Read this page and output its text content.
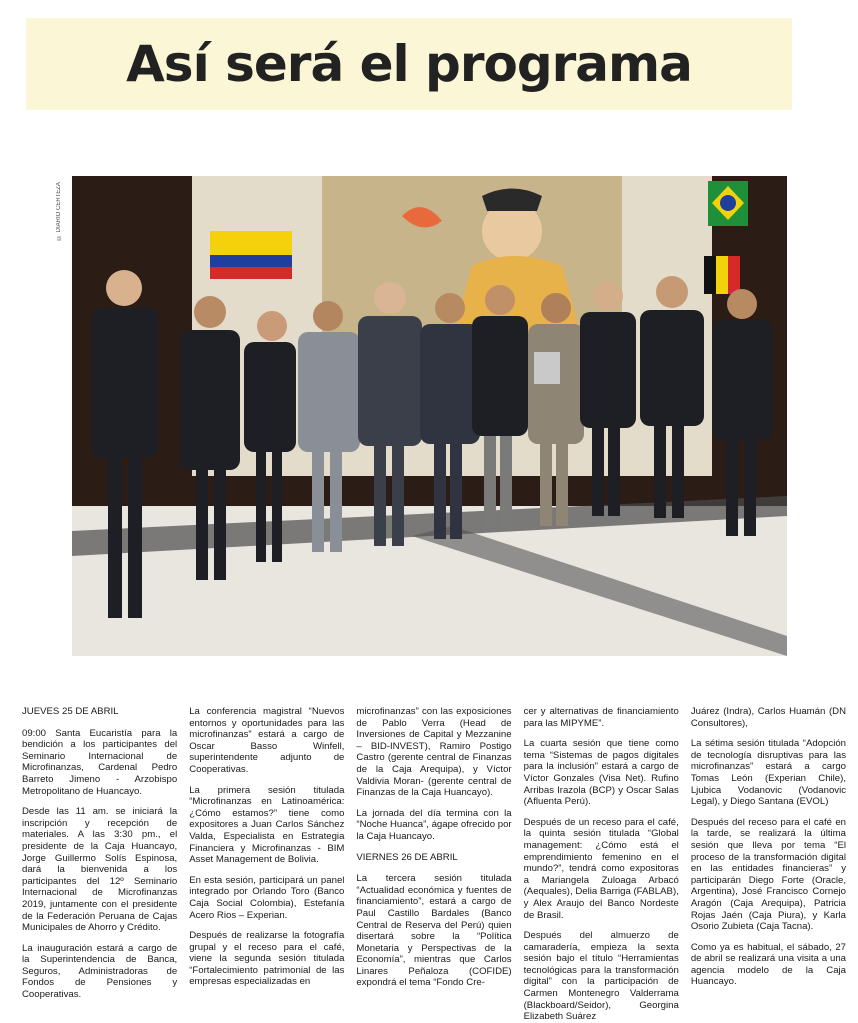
Así será el programa
© DIARIO CERTEZA
JUEVES 25 DE ABRIL

09:00 Santa Eucaristía para la bendición a los participantes del Seminario Internacional de Microfinanzas, Cardenal Pedro Barreto Jimeno - Arzobispo Metropolitano de Huancayo.

Desde las 11 am. se iniciará la inscripción y recepción de materiales. A las 3:30 pm., el presidente de la Caja Huancayo, Jorge Guillermo Solís Espinosa, dará la bienvenida a los participantes del 12º Seminario Internacional de Microfinanzas 2019, juntamente con el presidente de la Federación Peruana de Cajas Municipales de Ahorro y Crédito.

La inauguración estará a cargo de la Superintendencia de Banca, Seguros, Administradoras de Fondos de Pensiones y Cooperativas.

La conferencia magistral “Nuevos entornos y oportunidades para las microfinanzas” estará a cargo de Oscar Basso Winfell, superintendente adjunto de Cooperativas.

La primera sesión titulada “Microfinanzas en Latinoamérica: ¿Cómo estamos?” tiene como expositores a Juan Carlos Sánchez Valda, Especialista en Estrategia Financiera y Microfinanzas - BIM Asset Management de Bolivia.

En esta sesión, participará un panel integrado por Orlando Toro (Banco Caja Social Colombia), Estefanía Acero Rios – Experian.

Después de realizarse la fotografía grupal y el receso para el café, viene la segunda sesión titulada “Fortalecimiento patrimonial de las empresas especializadas en

microfinanzas” con las exposiciones de Pablo Verra (Head de Inversiones de Capital y Mezzanine – BID-INVEST), Ramiro Postigo Castro (gerente central de Finanzas de la Caja Arequipa), y Víctor Valdivia Moran- (gerente central de Finanzas de la Caja Huancayo).

La jornada del día termina con la “Noche Huanca”, ágape ofrecido por la Caja Huancayo.

VIERNES 26 DE ABRIL

La tercera sesión titulada “Actualidad económica y fuentes de financiamiento”, estará a cargo de Paul Castillo Bardales (Banco Central de Reserva del Perú) quien disertará sobre la “Política Monetaria y Perspectivas de la Economía”, mientras que Carlos Linares Peñaloza (COFIDE) expondrá el tema “Fondo Cre-

cer y alternativas de financiamiento para las MIPYME”.

La cuarta sesión que tiene como tema “Sistemas de pagos digitales para la inclusión” estará a cargo de Víctor Gonzales (Visa Net). Rufino Arribas Irazola (BCP) y Oscar Salas (Afluenta Perú).

Después de un receso para el café, la quinta sesión titulada “Global management: ¿Cómo está el emprendimiento femenino en el mundo?”, tendrá como expositoras a Mariangela Zuloaga Arbacó (Aequales), Delia Barriga (FABLAB), y Alex Araujo del Banco Nordeste de Brasil.

Después del almuerzo de camaradería, empieza la sexta sesión bajo el título “Herramientas tecnológicas para la transformación digital” con la participación de Carmen Montenegro Valderrama (Blackboard/Seidor), Georgina Elizabeth Suárez

Juárez (Indra), Carlos Huamán (DN Consultores),

La sétima sesión titulada “Adopción de tecnología disruptivas para las microfinanzas” estará a cargo Tomas León (Experian Chile), Ljubica Vodanovic (Vodanovic Legal), y Diego Santana (EVOL)

Después del receso para el café en la tarde, se realizará la última sesión que lleva por tema “El proceso de la transformación digital en las entidades financieras” y participarán Diego Forte (Oracle, Argentina), José Francisco Cornejo Aragón (Caja Arequipa), Patricia Rojas Jaén (Caja Piura), y Karla Osorio Zubieta (Caja Tacna).

Como ya es habitual, el sábado, 27 de abril se realizará una visita a una agencia modelo de la Caja Huancayo.
